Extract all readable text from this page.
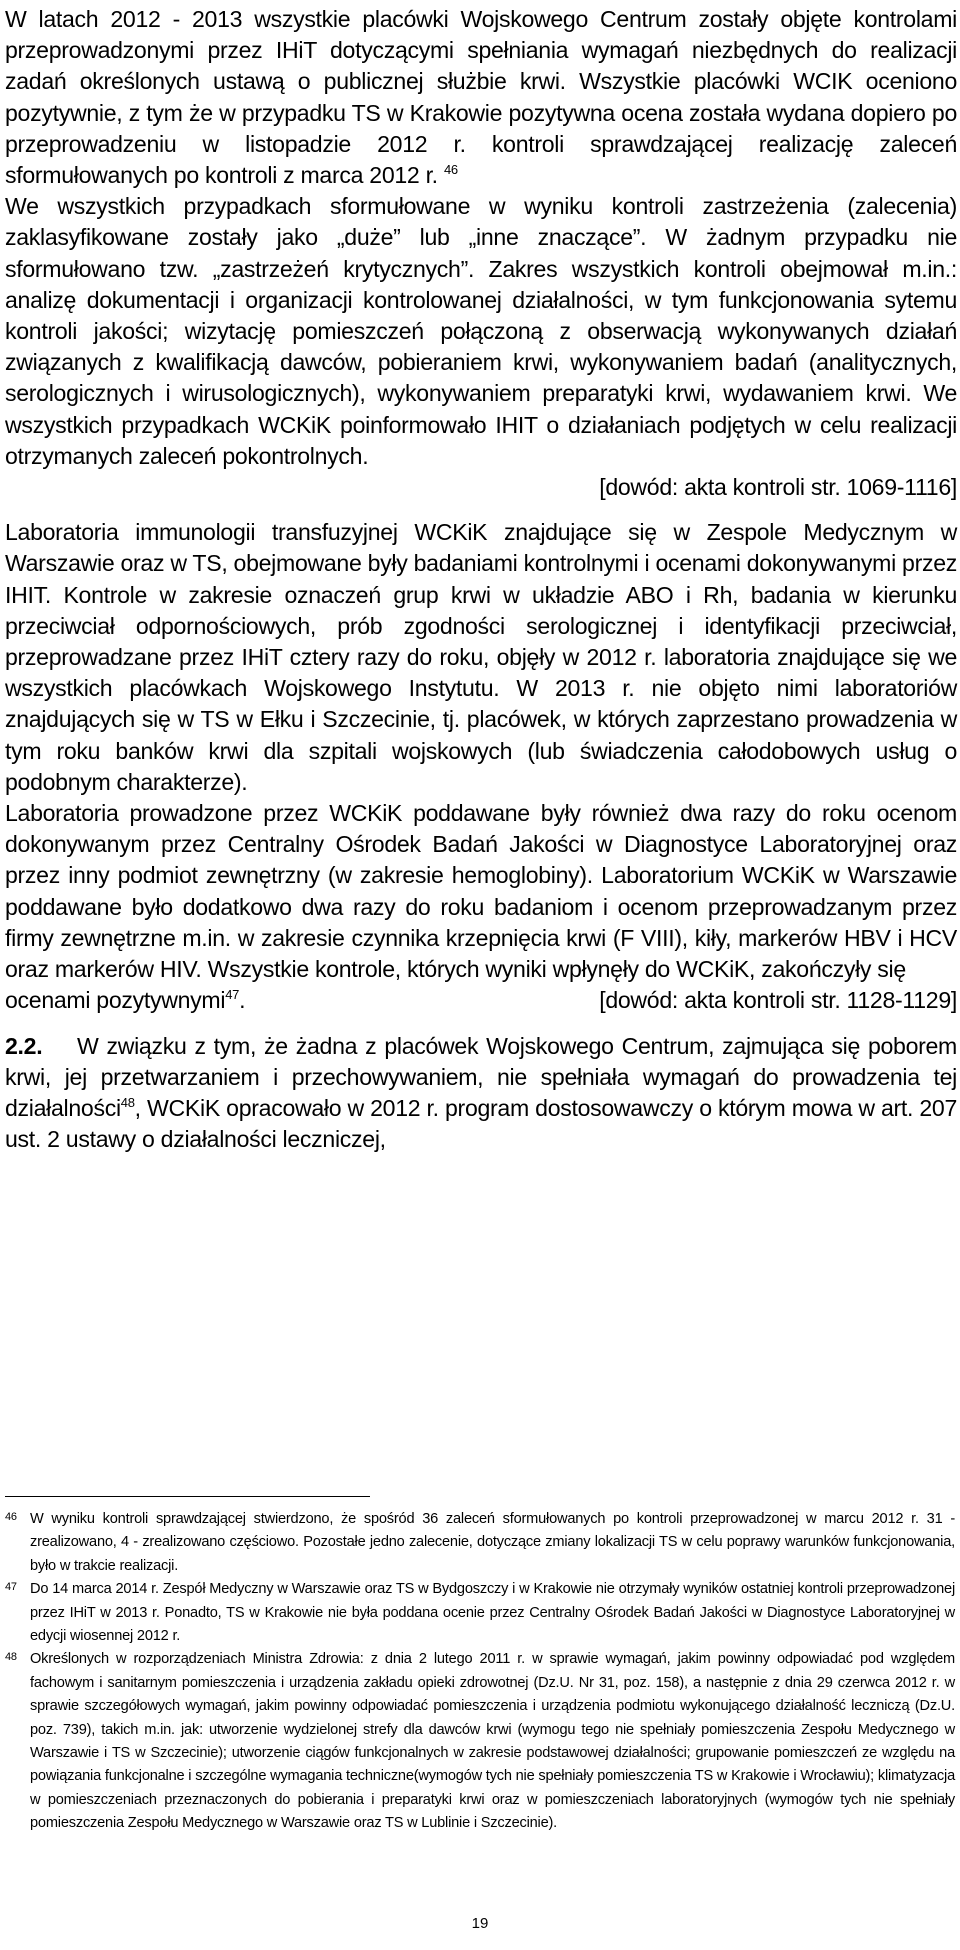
W latach 2012 - 2013 wszystkie placówki Wojskowego Centrum zostały objęte kontrolami przeprowadzonymi przez IHiT dotyczącymi spełniania wymagań niezbędnych do realizacji zadań określonych ustawą o publicznej służbie krwi. Wszystkie placówki WCIK oceniono pozytywnie, z tym że w przypadku TS w Krakowie pozytywna ocena została wydana dopiero po przeprowadzeniu w listopadzie 2012 r. kontroli sprawdzającej realizację zaleceń sformułowanych po kontroli z marca 2012 r. $^{46}$

We wszystkich przypadkach sformułowane w wyniku kontroli zastrzeżenia (zalecenia) zaklasyfikowane zostały jako „duże” lub „inne znaczące”. W żadnym przypadku nie sformułowano tzw. „zastrzeżeń krytycznych”. Zakres wszystkich kontroli obejmował m.in.: analizę dokumentacji i organizacji kontrolowanej działalności, w tym funkcjonowania sytemu kontroli jakości; wizytację pomieszczeń połączoną z obserwacją wykonywanych działań związanych z kwalifikacją dawców, pobieraniem krwi, wykonywaniem badań (analitycznych, serologicznych i wirusologicznych), wykonywaniem preparatyki krwi, wydawaniem krwi. We wszystkich przypadkach WCKiK poinformowało IHIT o działaniach podjętych w celu realizacji otrzymanych zaleceń pokontrolnych.

[dowód: akta kontroli str. 1069-1116]

Laboratoria immunologii transfuzyjnej WCKiK znajdujące się w Zespole Medycznym w Warszawie oraz w TS, obejmowane były badaniami kontrolnymi i ocenami dokonywanymi przez IHIT. Kontrole w zakresie oznaczeń grup krwi w układzie ABO i Rh, badania w kierunku przeciwciał odpornościowych, prób zgodności serologicznej i identyfikacji przeciwciał, przeprowadzane przez IHiT cztery razy do roku, objęły w 2012 r. laboratoria znajdujące się we wszystkich placówkach Wojskowego Instytutu. W 2013 r. nie objęto nimi laboratoriów znajdujących się w TS w Ełku i Szczecinie, tj. placówek, w których zaprzestano prowadzenia w tym roku banków krwi dla szpitali wojskowych (lub świadczenia całodobowych usług o podobnym charakterze).

Laboratoria prowadzone przez WCKiK poddawane były również dwa razy do roku ocenom dokonywanym przez Centralny Ośrodek Badań Jakości w Diagnostyce Laboratoryjnej oraz przez inny podmiot zewnętrzny (w zakresie hemoglobiny). Laboratorium WCKiK w Warszawie poddawane było dodatkowo dwa razy do roku badaniom i ocenom przeprowadzanym przez firmy zewnętrzne m.in. w zakresie czynnika krzepnięcia krwi (F VIII), kiły, markerów HBV i HCV oraz markerów HIV. Wszystkie kontrole, których wyniki wpłynęły do WCKiK, zakończyły się

ocenami pozytywnymi$^{47}$.	[dowód: akta kontroli str. 1128-1129]

2.2. W związku z tym, że żadna z placówek Wojskowego Centrum, zajmująca się poborem krwi, jej przetwarzaniem i przechowywaniem, nie spełniała wymagań do prowadzenia tej działalności$^{48}$, WCKiK opracowało w 2012 r. program dostosowawczy o którym mowa w art. 207 ust. 2 ustawy o działalności leczniczej,

46 W wyniku kontroli sprawdzającej stwierdzono, że spośród 36 zaleceń sformułowanych po kontroli przeprowadzonej w marcu 2012 r. 31 - zrealizowano, 4 - zrealizowano częściowo. Pozostałe jedno zalecenie, dotyczące zmiany lokalizacji TS w celu poprawy warunków funkcjonowania, było w trakcie realizacji.
47 Do 14 marca 2014 r. Zespół Medyczny w Warszawie oraz TS w Bydgoszczy i w Krakowie nie otrzymały wyników ostatniej kontroli przeprowadzonej przez IHiT w 2013 r. Ponadto, TS w Krakowie nie była poddana ocenie przez Centralny Ośrodek Badań Jakości w Diagnostyce Laboratoryjnej w edycji wiosennej 2012 r.
48 Określonych w rozporządzeniach Ministra Zdrowia: z dnia 2 lutego 2011 r. w sprawie wymagań, jakim powinny odpowiadać pod względem fachowym i sanitarnym pomieszczenia i urządzenia zakładu opieki zdrowotnej (Dz.U. Nr 31, poz. 158), a następnie z dnia 29 czerwca 2012 r. w sprawie szczegółowych wymagań, jakim powinny odpowiadać pomieszczenia i urządzenia podmiotu wykonującego działalność leczniczą (Dz.U. poz. 739), takich m.in. jak: utworzenie wydzielonej strefy dla dawców krwi (wymogu tego nie spełniały pomieszczenia Zespołu Medycznego w Warszawie i TS w Szczecinie); utworzenie ciągów funkcjonalnych w zakresie podstawowej działalności; grupowanie pomieszczeń ze względu na powiązania funkcjonalne i szczególne wymagania techniczne(wymogów tych nie spełniały pomieszczenia TS w Krakowie i Wrocławiu); klimatyzacja w pomieszczeniach przeznaczonych do pobierania i preparatyki krwi oraz w pomieszczeniach laboratoryjnych (wymogów tych nie spełniały pomieszczenia Zespołu Medycznego w Warszawie oraz TS w Lublinie i Szczecinie).
19
